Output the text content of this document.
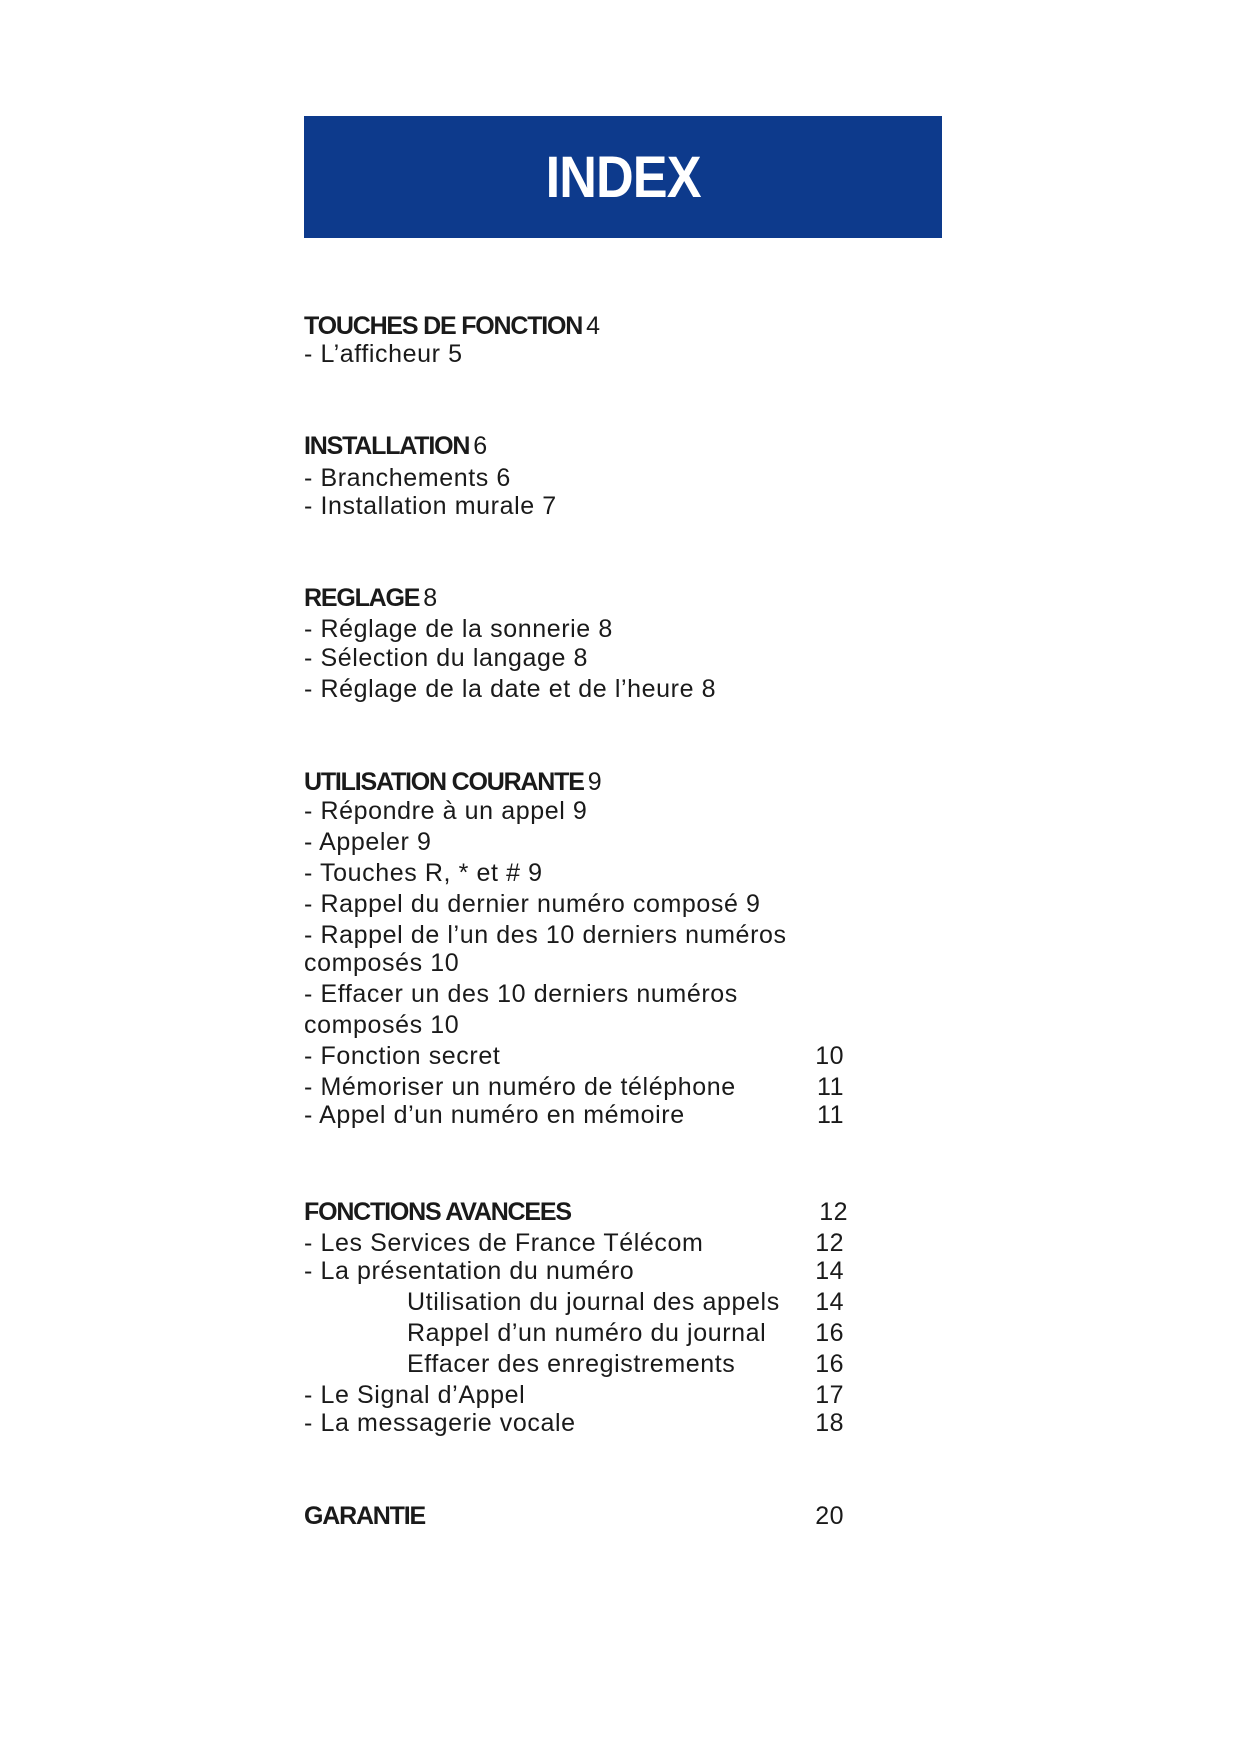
INDEX
TOUCHES DE FONCTION 4
- L’afficheur 5
INSTALLATION 6
- Branchements 6
- Installation murale 7
REGLAGE 8
- Réglage de la sonnerie 8
- Sélection du langage 8
- Réglage de la date et de l’heure 8
UTILISATION COURANTE 9
- Répondre à un appel 9
- Appeler 9
- Touches R, * et # 9
- Rappel du dernier numéro composé 9
- Rappel de l’un des 10 derniers numéros
composés 10
- Effacer un des 10 derniers numéros
composés 10
- Fonction secret	10
- Mémoriser un numéro de téléphone	11
- Appel d’un numéro en mémoire	11
FONCTIONS AVANCEES	12
- Les Services de France Télécom	12
- La présentation du numéro	14
Utilisation du journal des appels	14
Rappel d’un numéro du journal	16
Effacer des enregistrements	16
- Le Signal d’Appel	17
- La messagerie vocale	18
GARANTIE	20
